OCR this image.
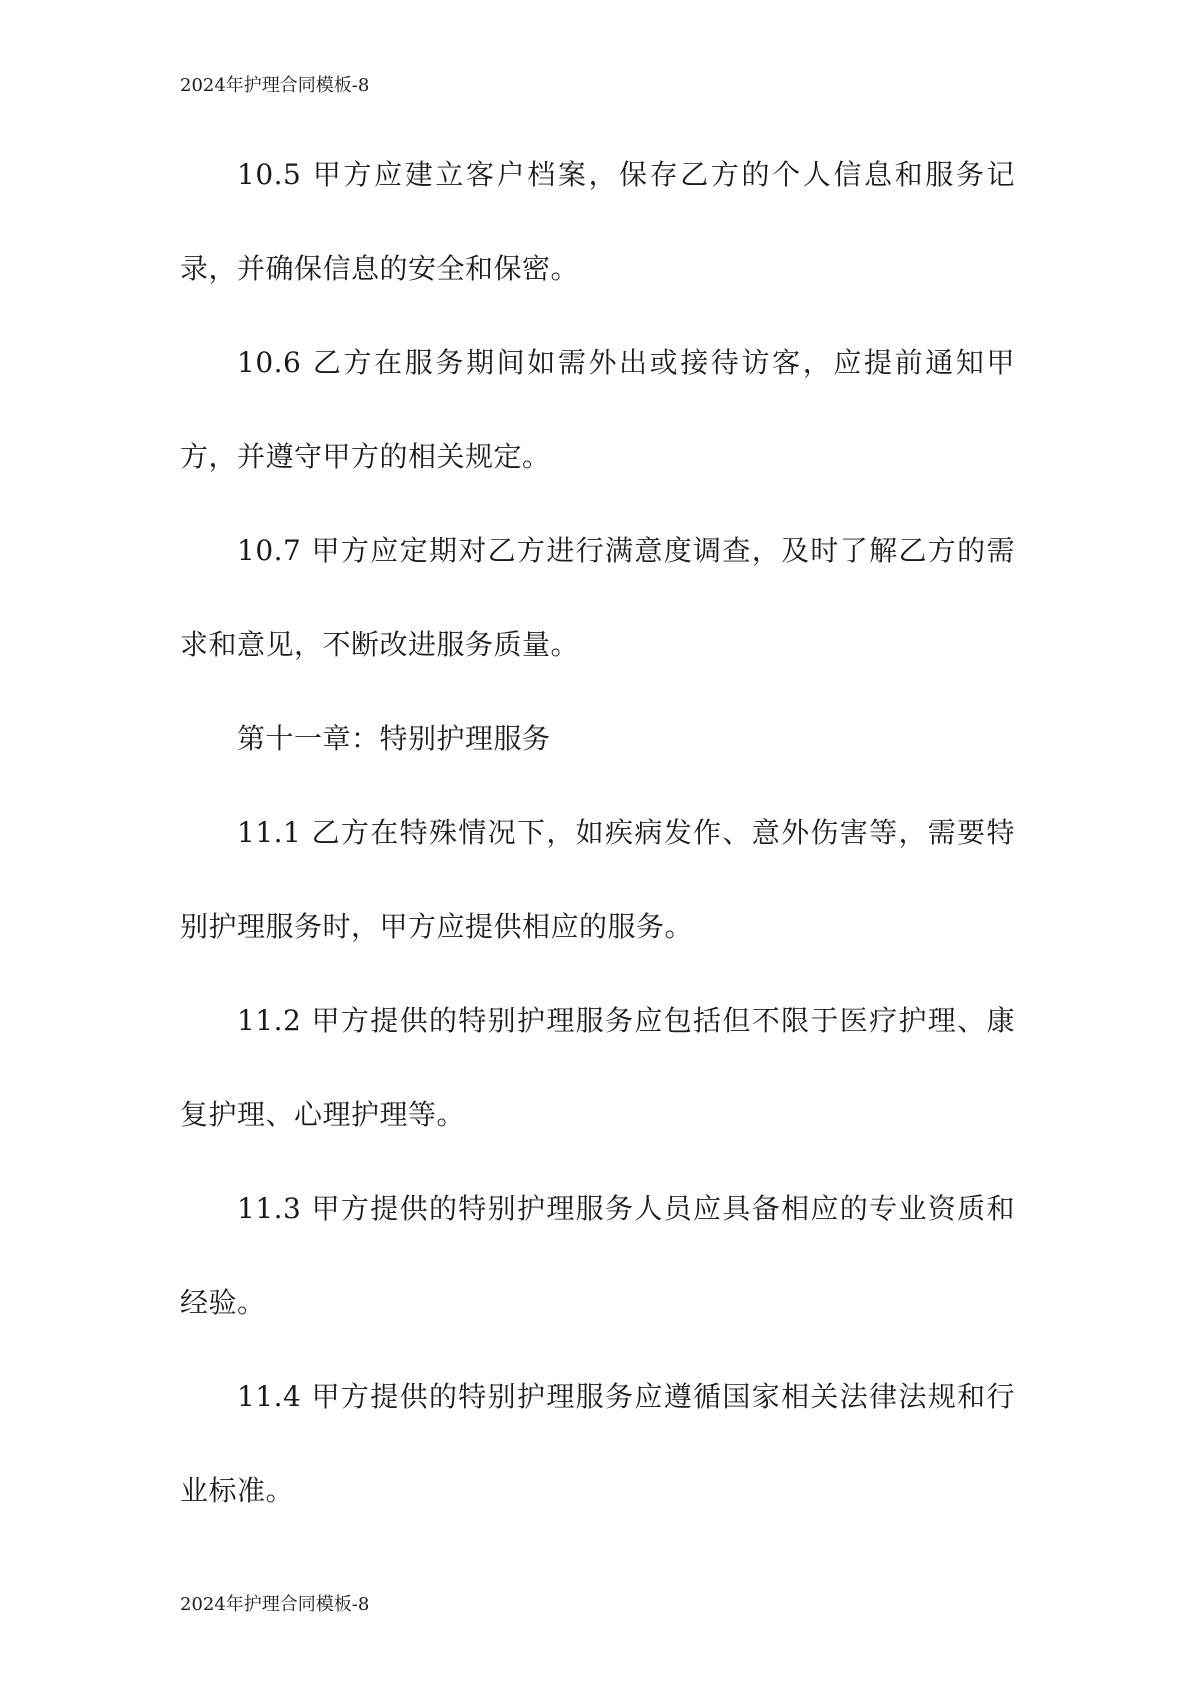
2024年护理合同模板-8

10.5 甲方应建立客户档案，保存乙方的个人信息和服务记录，并确保信息的安全和保密。

10.6 乙方在服务期间如需外出或接待访客，应提前通知甲方，并遵守甲方的相关规定。

10.7 甲方应定期对乙方进行满意度调查，及时了解乙方的需求和意见，不断改进服务质量。

第十一章：特别护理服务

11.1 乙方在特殊情况下，如疾病发作、意外伤害等，需要特别护理服务时，甲方应提供相应的服务。

11.2 甲方提供的特别护理服务应包括但不限于医疗护理、康复护理、心理护理等。

11.3 甲方提供的特别护理服务人员应具备相应的专业资质和经验。

11.4 甲方提供的特别护理服务应遵循国家相关法律法规和行业标准。

2024年护理合同模板-8
